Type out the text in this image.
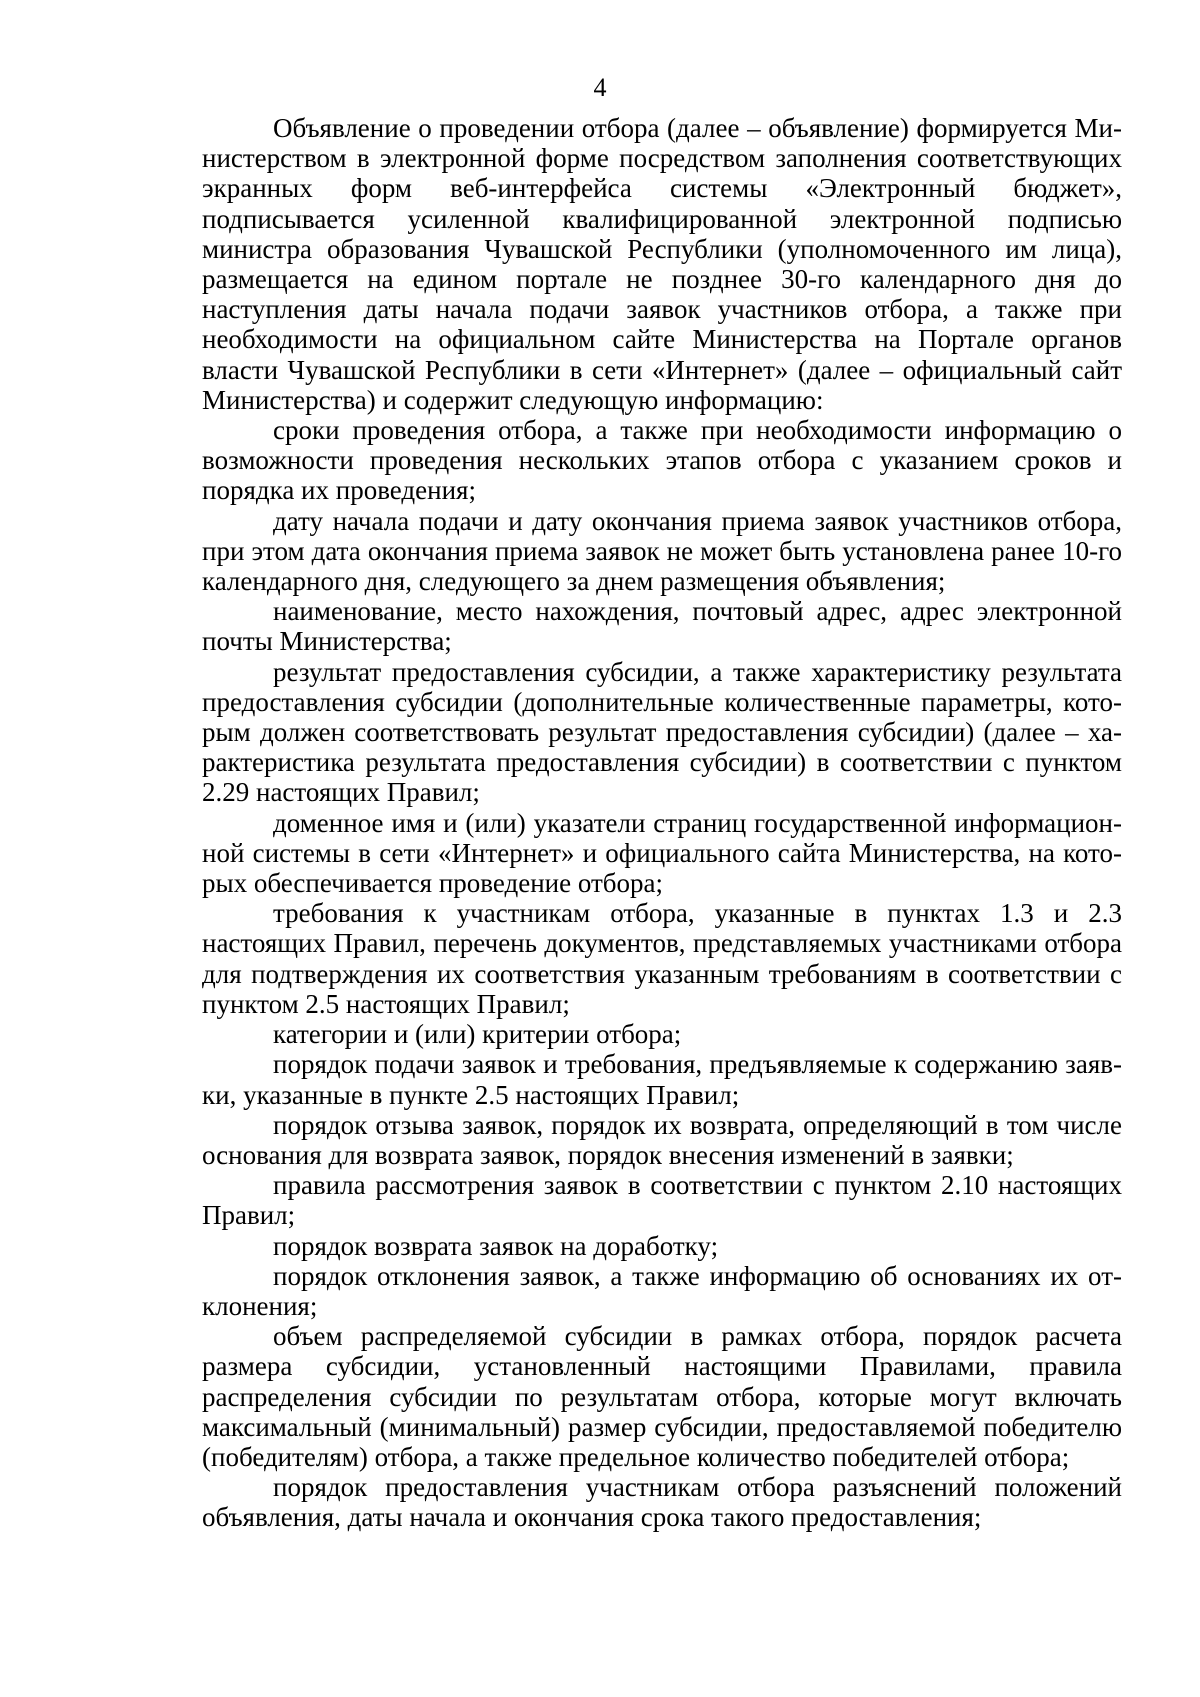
4

Объявление о проведении отбора (далее – объявление) формируется Министерством в электронной форме посредством заполнения соответствующих экранных форм веб-интерфейса системы «Электронный бюджет», подписывается усиленной квалифицированной электронной подписью министра образования Чувашской Республики (уполномоченного им лица), размещается на едином портале не позднее 30-го календарного дня до наступления даты начала подачи заявок участников отбора, а также при необходимости на официальном сайте Министерства на Портале органов власти Чувашской Республики в сети «Интернет» (далее – официальный сайт Министерства) и содержит следующую информацию:

сроки проведения отбора, а также при необходимости информацию о возможности проведения нескольких этапов отбора с указанием сроков и порядка их проведения;

дату начала подачи и дату окончания приема заявок участников отбора, при этом дата окончания приема заявок не может быть установлена ранее 10-го календарного дня, следующего за днем размещения объявления;

наименование, место нахождения, почтовый адрес, адрес электронной почты Министерства;

результат предоставления субсидии, а также характеристику результата предоставления субсидии (дополнительные количественные параметры, которым должен соответствовать результат предоставления субсидии) (далее – характеристика результата предоставления субсидии) в соответствии с пунктом 2.29 настоящих Правил;

доменное имя и (или) указатели страниц государственной информационной системы в сети «Интернет» и официального сайта Министерства, на которых обеспечивается проведение отбора;

требования к участникам отбора, указанные в пунктах 1.3 и 2.3 настоящих Правил, перечень документов, представляемых участниками отбора для подтверждения их соответствия указанным требованиям в соответствии с пунктом 2.5 настоящих Правил;

категории и (или) критерии отбора;

порядок подачи заявок и требования, предъявляемые к содержанию заявки, указанные в пункте 2.5 настоящих Правил;

порядок отзыва заявок, порядок их возврата, определяющий в том числе основания для возврата заявок, порядок внесения изменений в заявки;

правила рассмотрения заявок в соответствии с пунктом 2.10 настоящих Правил;

порядок возврата заявок на доработку;

порядок отклонения заявок, а также информацию об основаниях их отклонения;

объем распределяемой субсидии в рамках отбора, порядок расчета размера субсидии, установленный настоящими Правилами, правила распределения субсидии по результатам отбора, которые могут включать максимальный (минимальный) размер субсидии, предоставляемой победителю (победителям) отбора, а также предельное количество победителей отбора;

порядок предоставления участникам отбора разъяснений положений объявления, даты начала и окончания срока такого предоставления;
